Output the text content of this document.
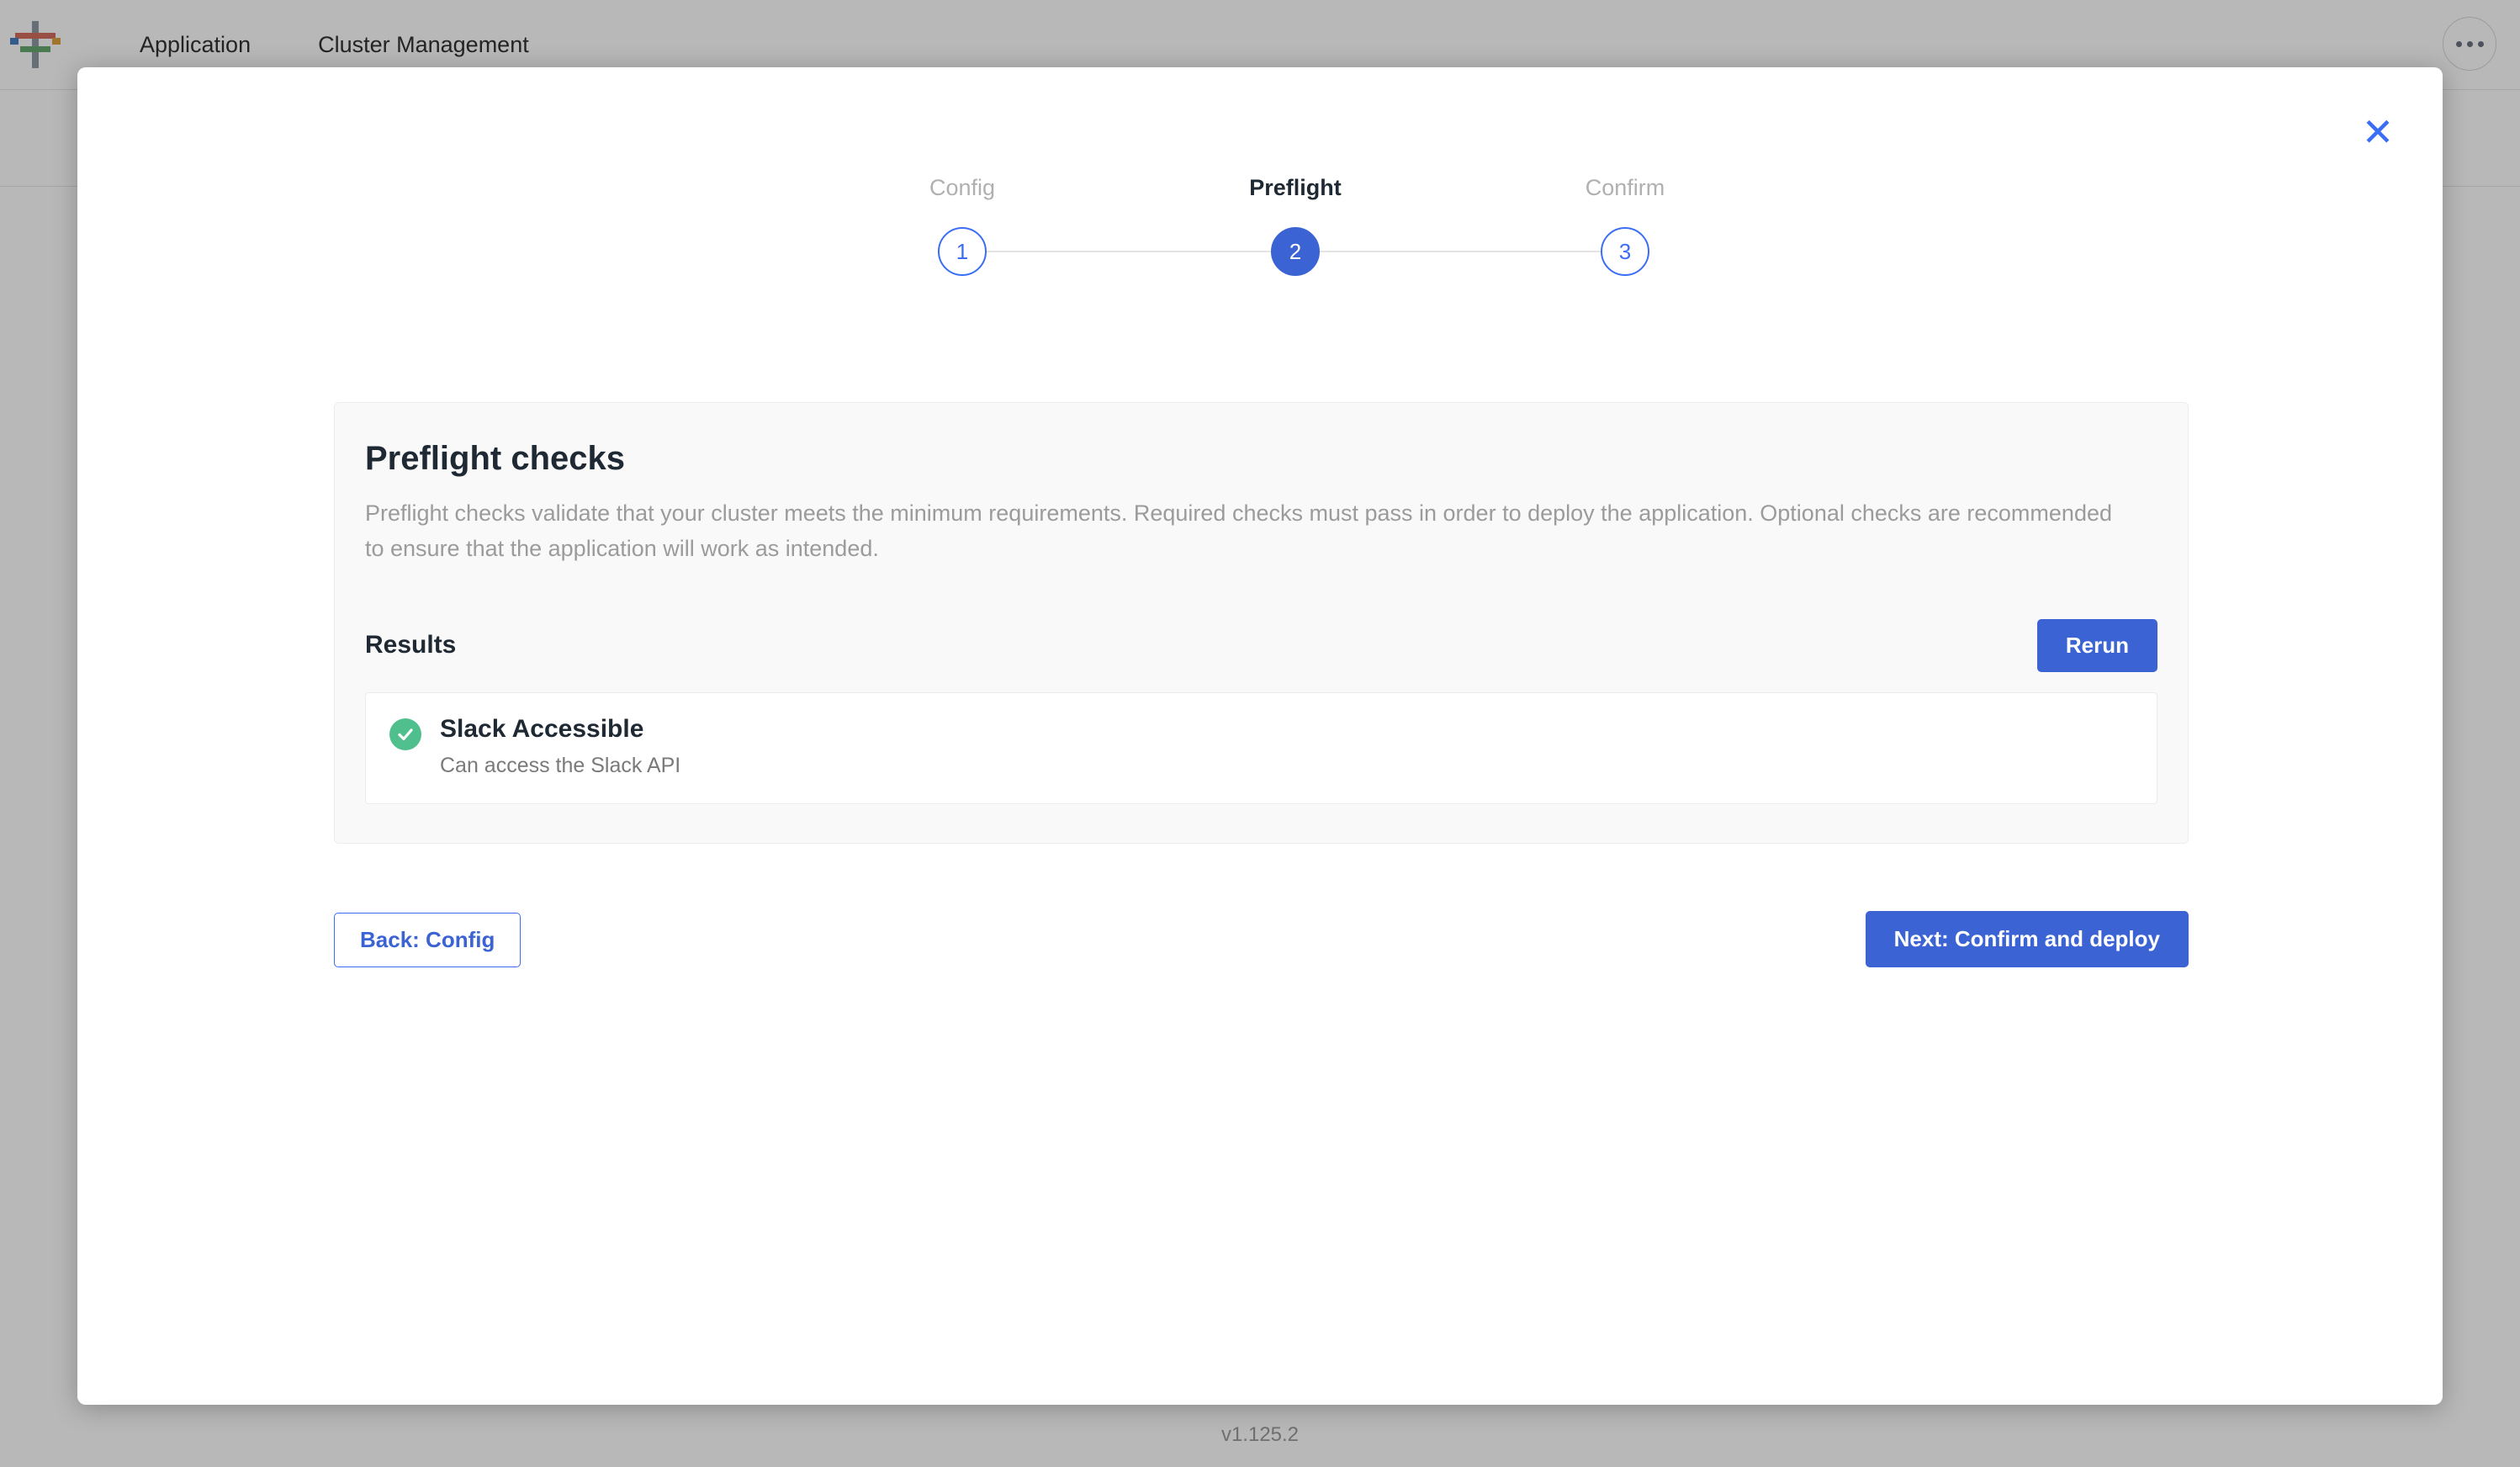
Application	Cluster Management
v1.125.2
✕
Config
1
Preflight
2
Confirm
3
Preflight checks

Preflight checks validate that your cluster meets the minimum requirements. Required checks must pass in order to deploy the application. Optional checks are recommended to ensure that the application will work as intended.

Results	Rerun
Slack Accessible
Can access the Slack API
Back: Config	Next: Confirm and deploy
